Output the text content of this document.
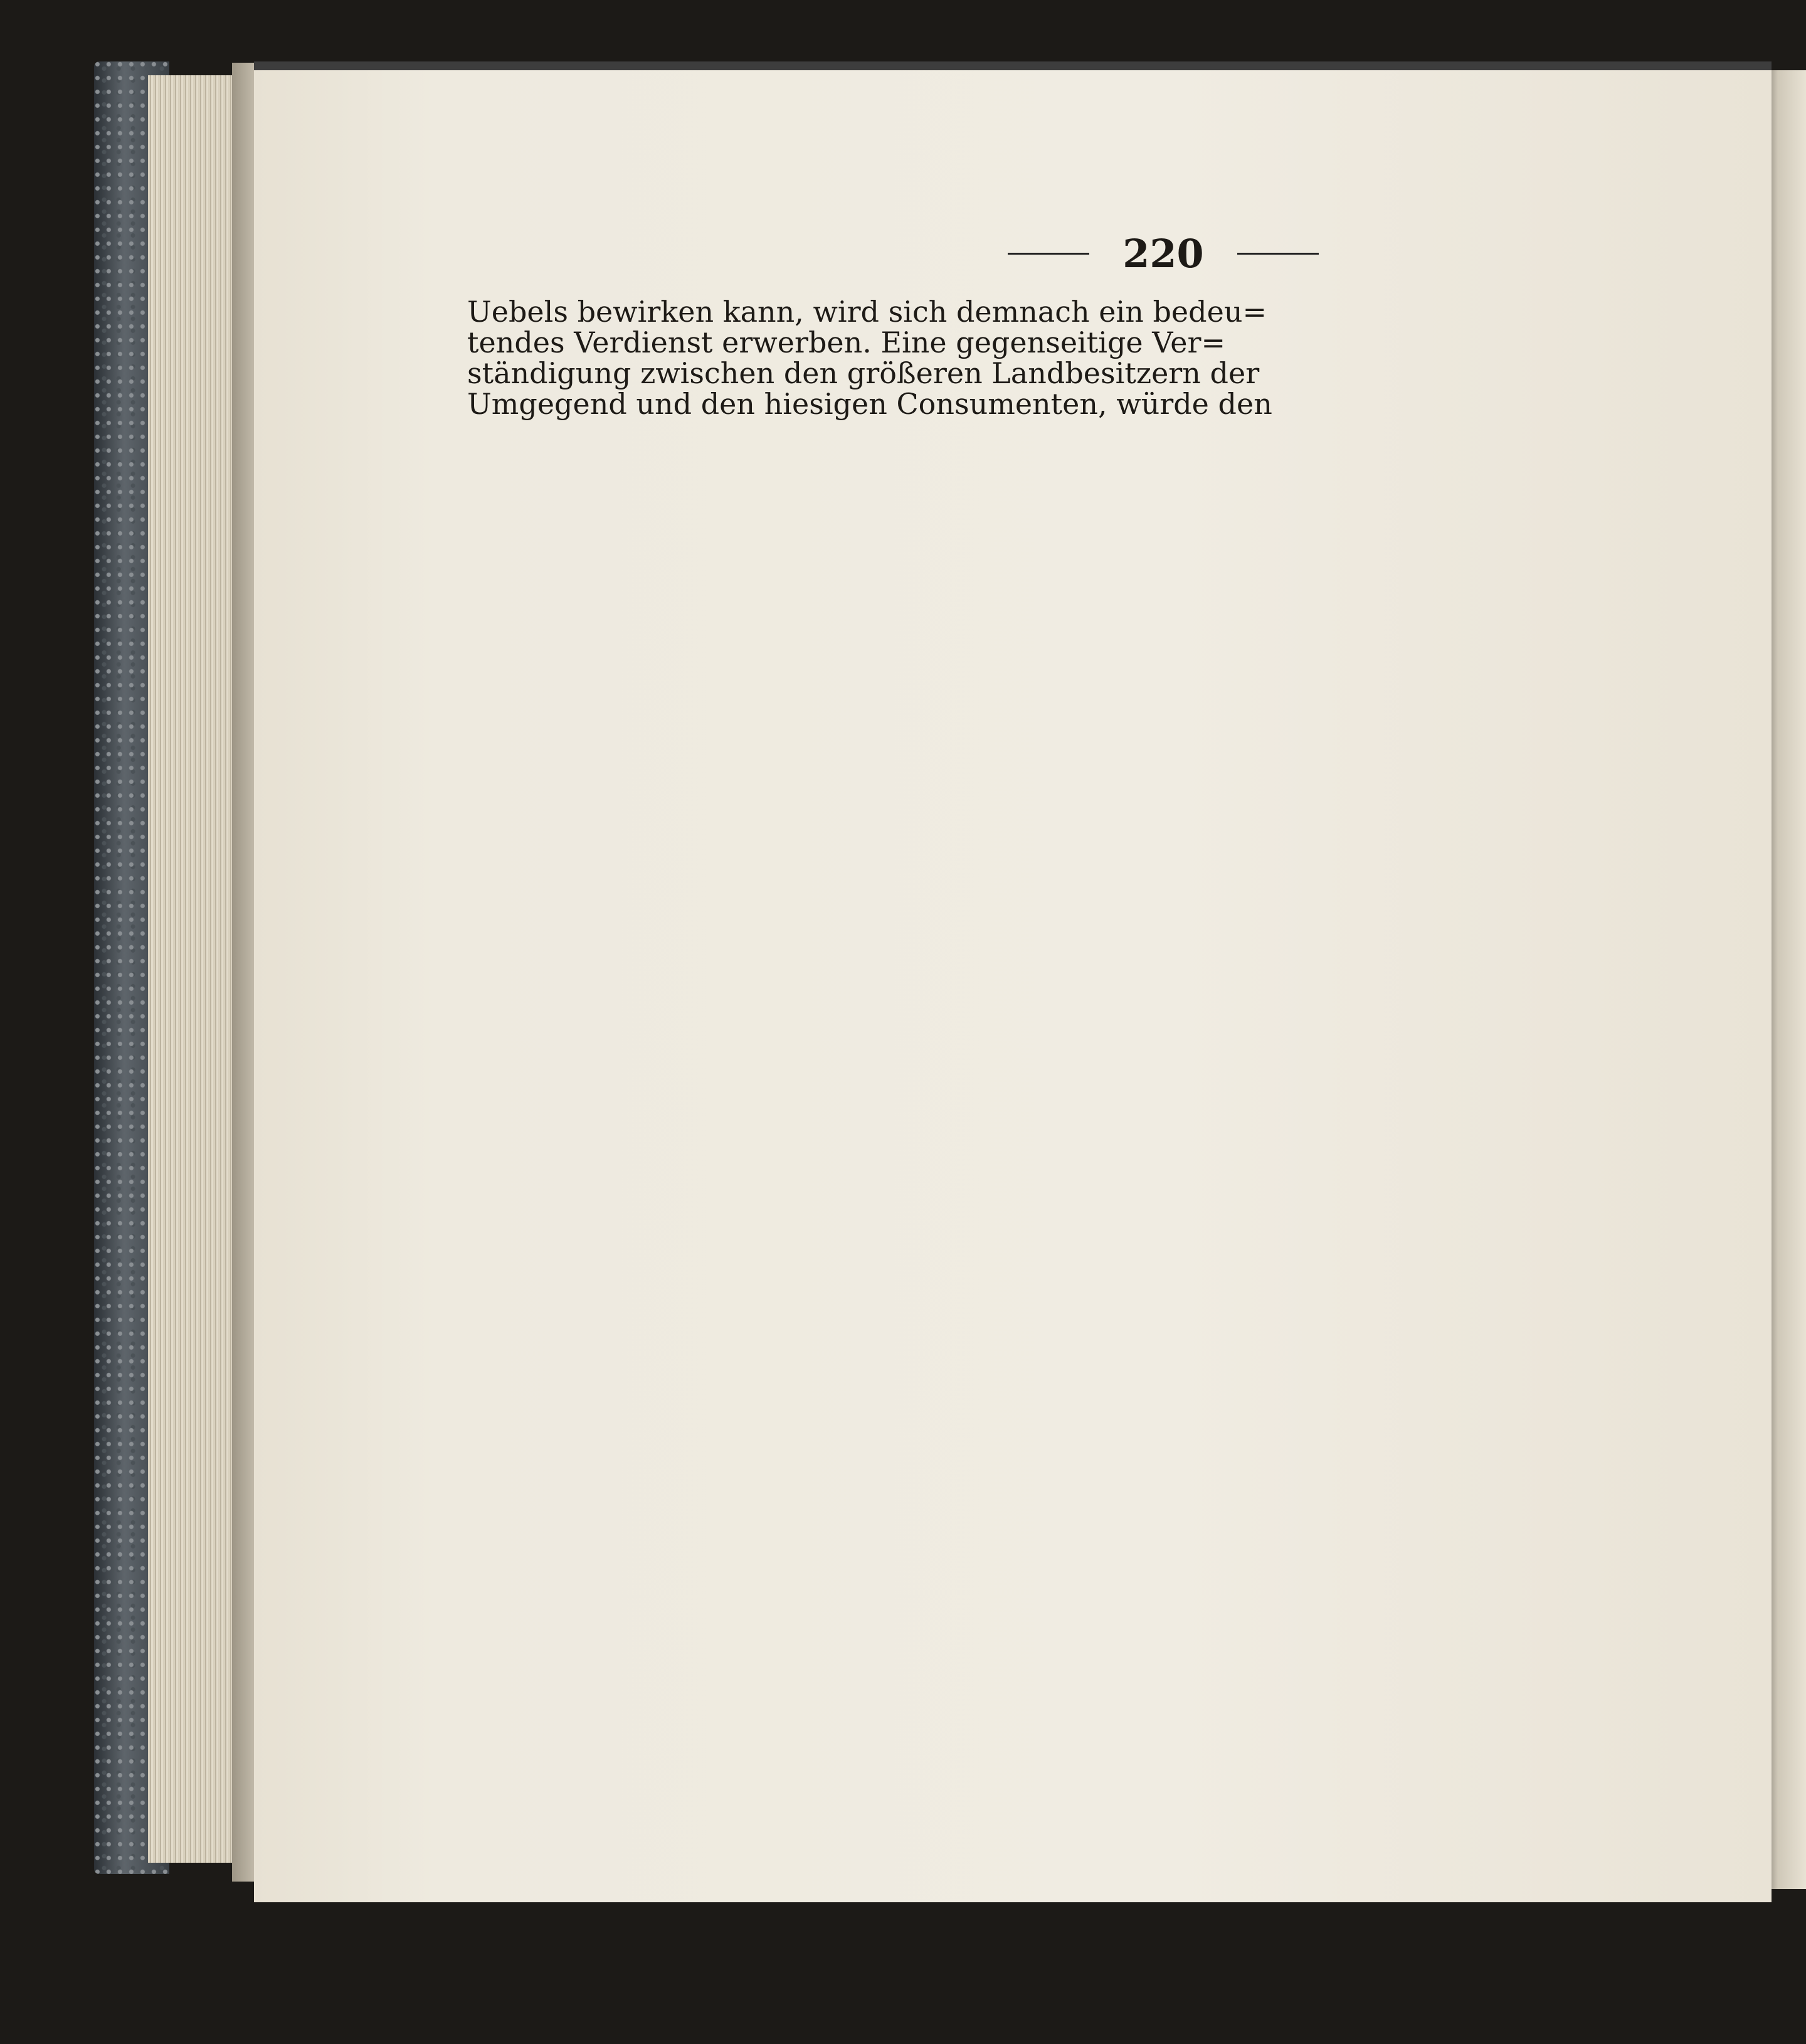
220

Uebels bewirken kann, wird sich demnach ein bedeu=

tendes Verdienst erwerben. Eine gegenseitige Ver=

ständigung zwischen den größeren Landbesitzern der

Umgegend und den hiesigen Consumenten, würde den
